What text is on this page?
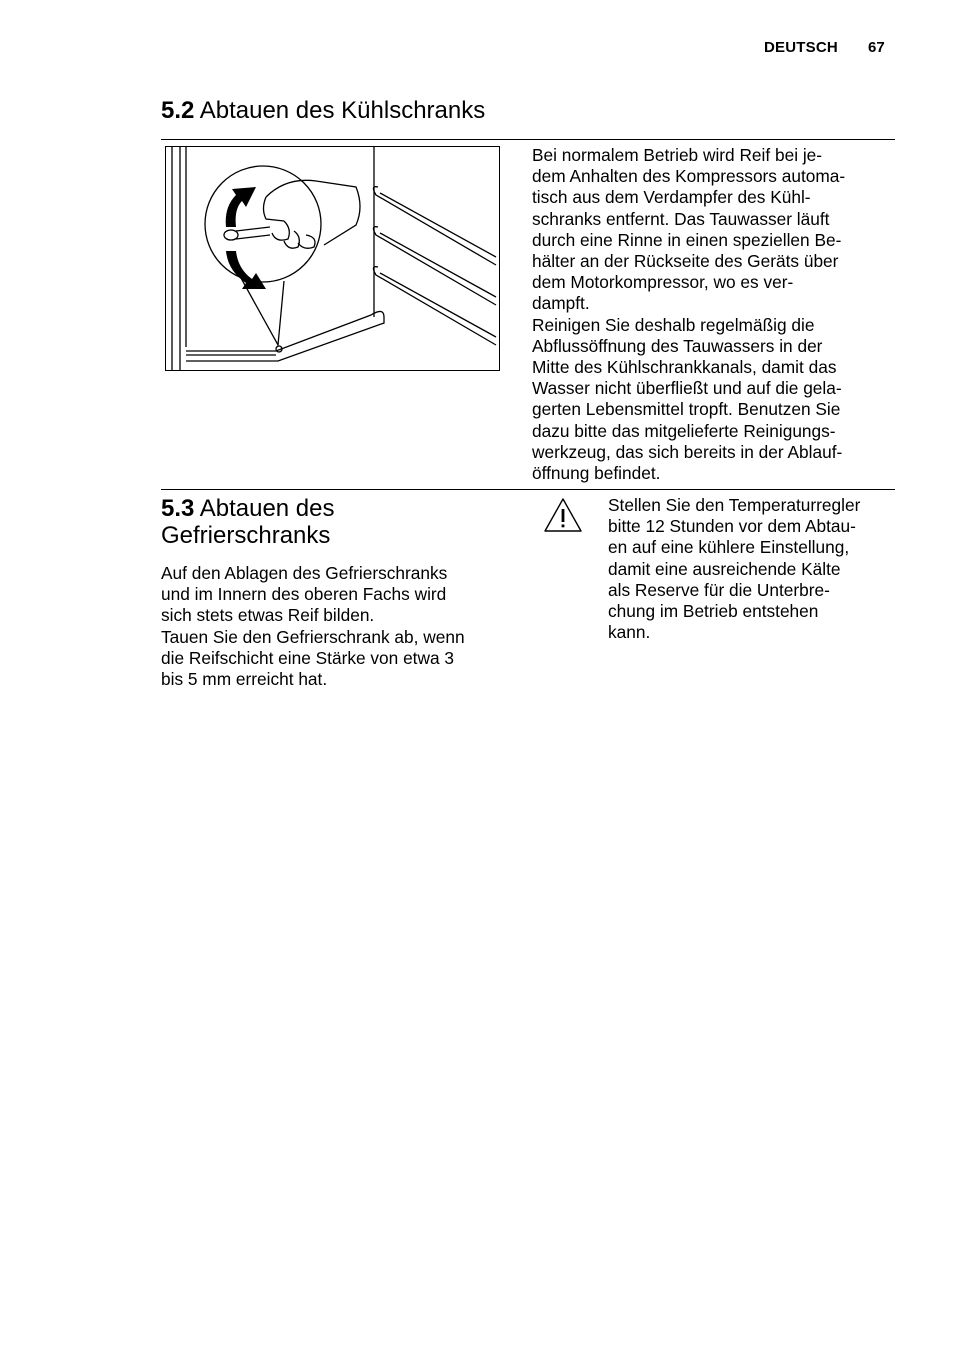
DEUTSCH 67
5.2 Abtauen des Kühlschranks
Bei normalem Betrieb wird Reif bei je-
dem Anhalten des Kompressors automa-
tisch aus dem Verdampfer des Kühl-
schranks entfernt. Das Tauwasser läuft
durch eine Rinne in einen speziellen Be-
hälter an der Rückseite des Geräts über
dem Motorkompressor, wo es ver-
dampft.
Reinigen Sie deshalb regelmäßig die
Abflussöffnung des Tauwassers in der
Mitte des Kühlschrankkanals, damit das
Wasser nicht überfließt und auf die gela-
gerten Lebensmittel tropft. Benutzen Sie
dazu bitte das mitgelieferte Reinigungs-
werkzeug, das sich bereits in der Ablauf-
öffnung befindet.
5.3 Abtauen des
Gefrierschranks
Auf den Ablagen des Gefrierschranks
und im Innern des oberen Fachs wird
sich stets etwas Reif bilden.
Tauen Sie den Gefrierschrank ab, wenn
die Reifschicht eine Stärke von etwa 3
bis 5 mm erreicht hat.
Stellen Sie den Temperaturregler
bitte 12 Stunden vor dem Abtau-
en auf eine kühlere Einstellung,
damit eine ausreichende Kälte
als Reserve für die Unterbre-
chung im Betrieb entstehen
kann.
